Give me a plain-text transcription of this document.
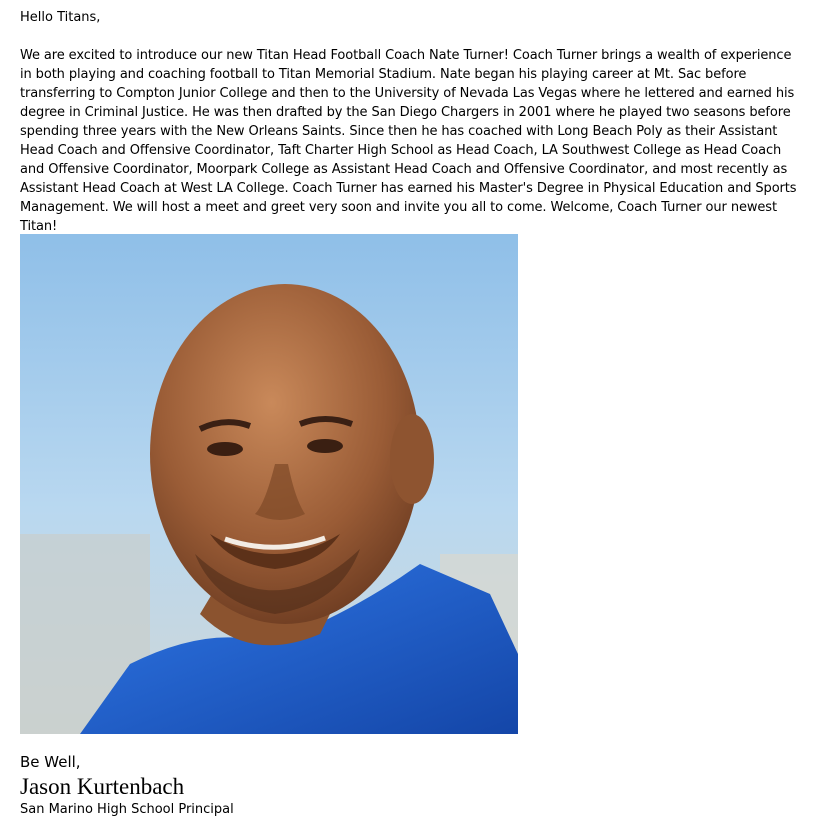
Hello Titans,

We are excited to introduce our new Titan Head Football Coach Nate Turner! Coach Turner brings a wealth of experience in both playing and coaching football to Titan Memorial Stadium. Nate began his playing career at Mt. Sac before transferring to Compton Junior College and then to the University of Nevada Las Vegas where he lettered and earned his degree in Criminal Justice. He was then drafted by the San Diego Chargers in 2001 where he played two seasons before spending three years with the New Orleans Saints. Since then he has coached with Long Beach Poly as their Assistant Head Coach and Offensive Coordinator, Taft Charter High School as Head Coach, LA Southwest College as Head Coach and Offensive Coordinator, Moorpark College as Assistant Head Coach and Offensive Coordinator, and most recently as Assistant Head Coach at West LA College. Coach Turner has earned his Master's Degree in Physical Education and Sports Management. We will host a meet and greet very soon and invite you all to come. Welcome, Coach Turner our newest Titan!

Be Well,

Jason Kurtenbach

San Marino High School Principal
